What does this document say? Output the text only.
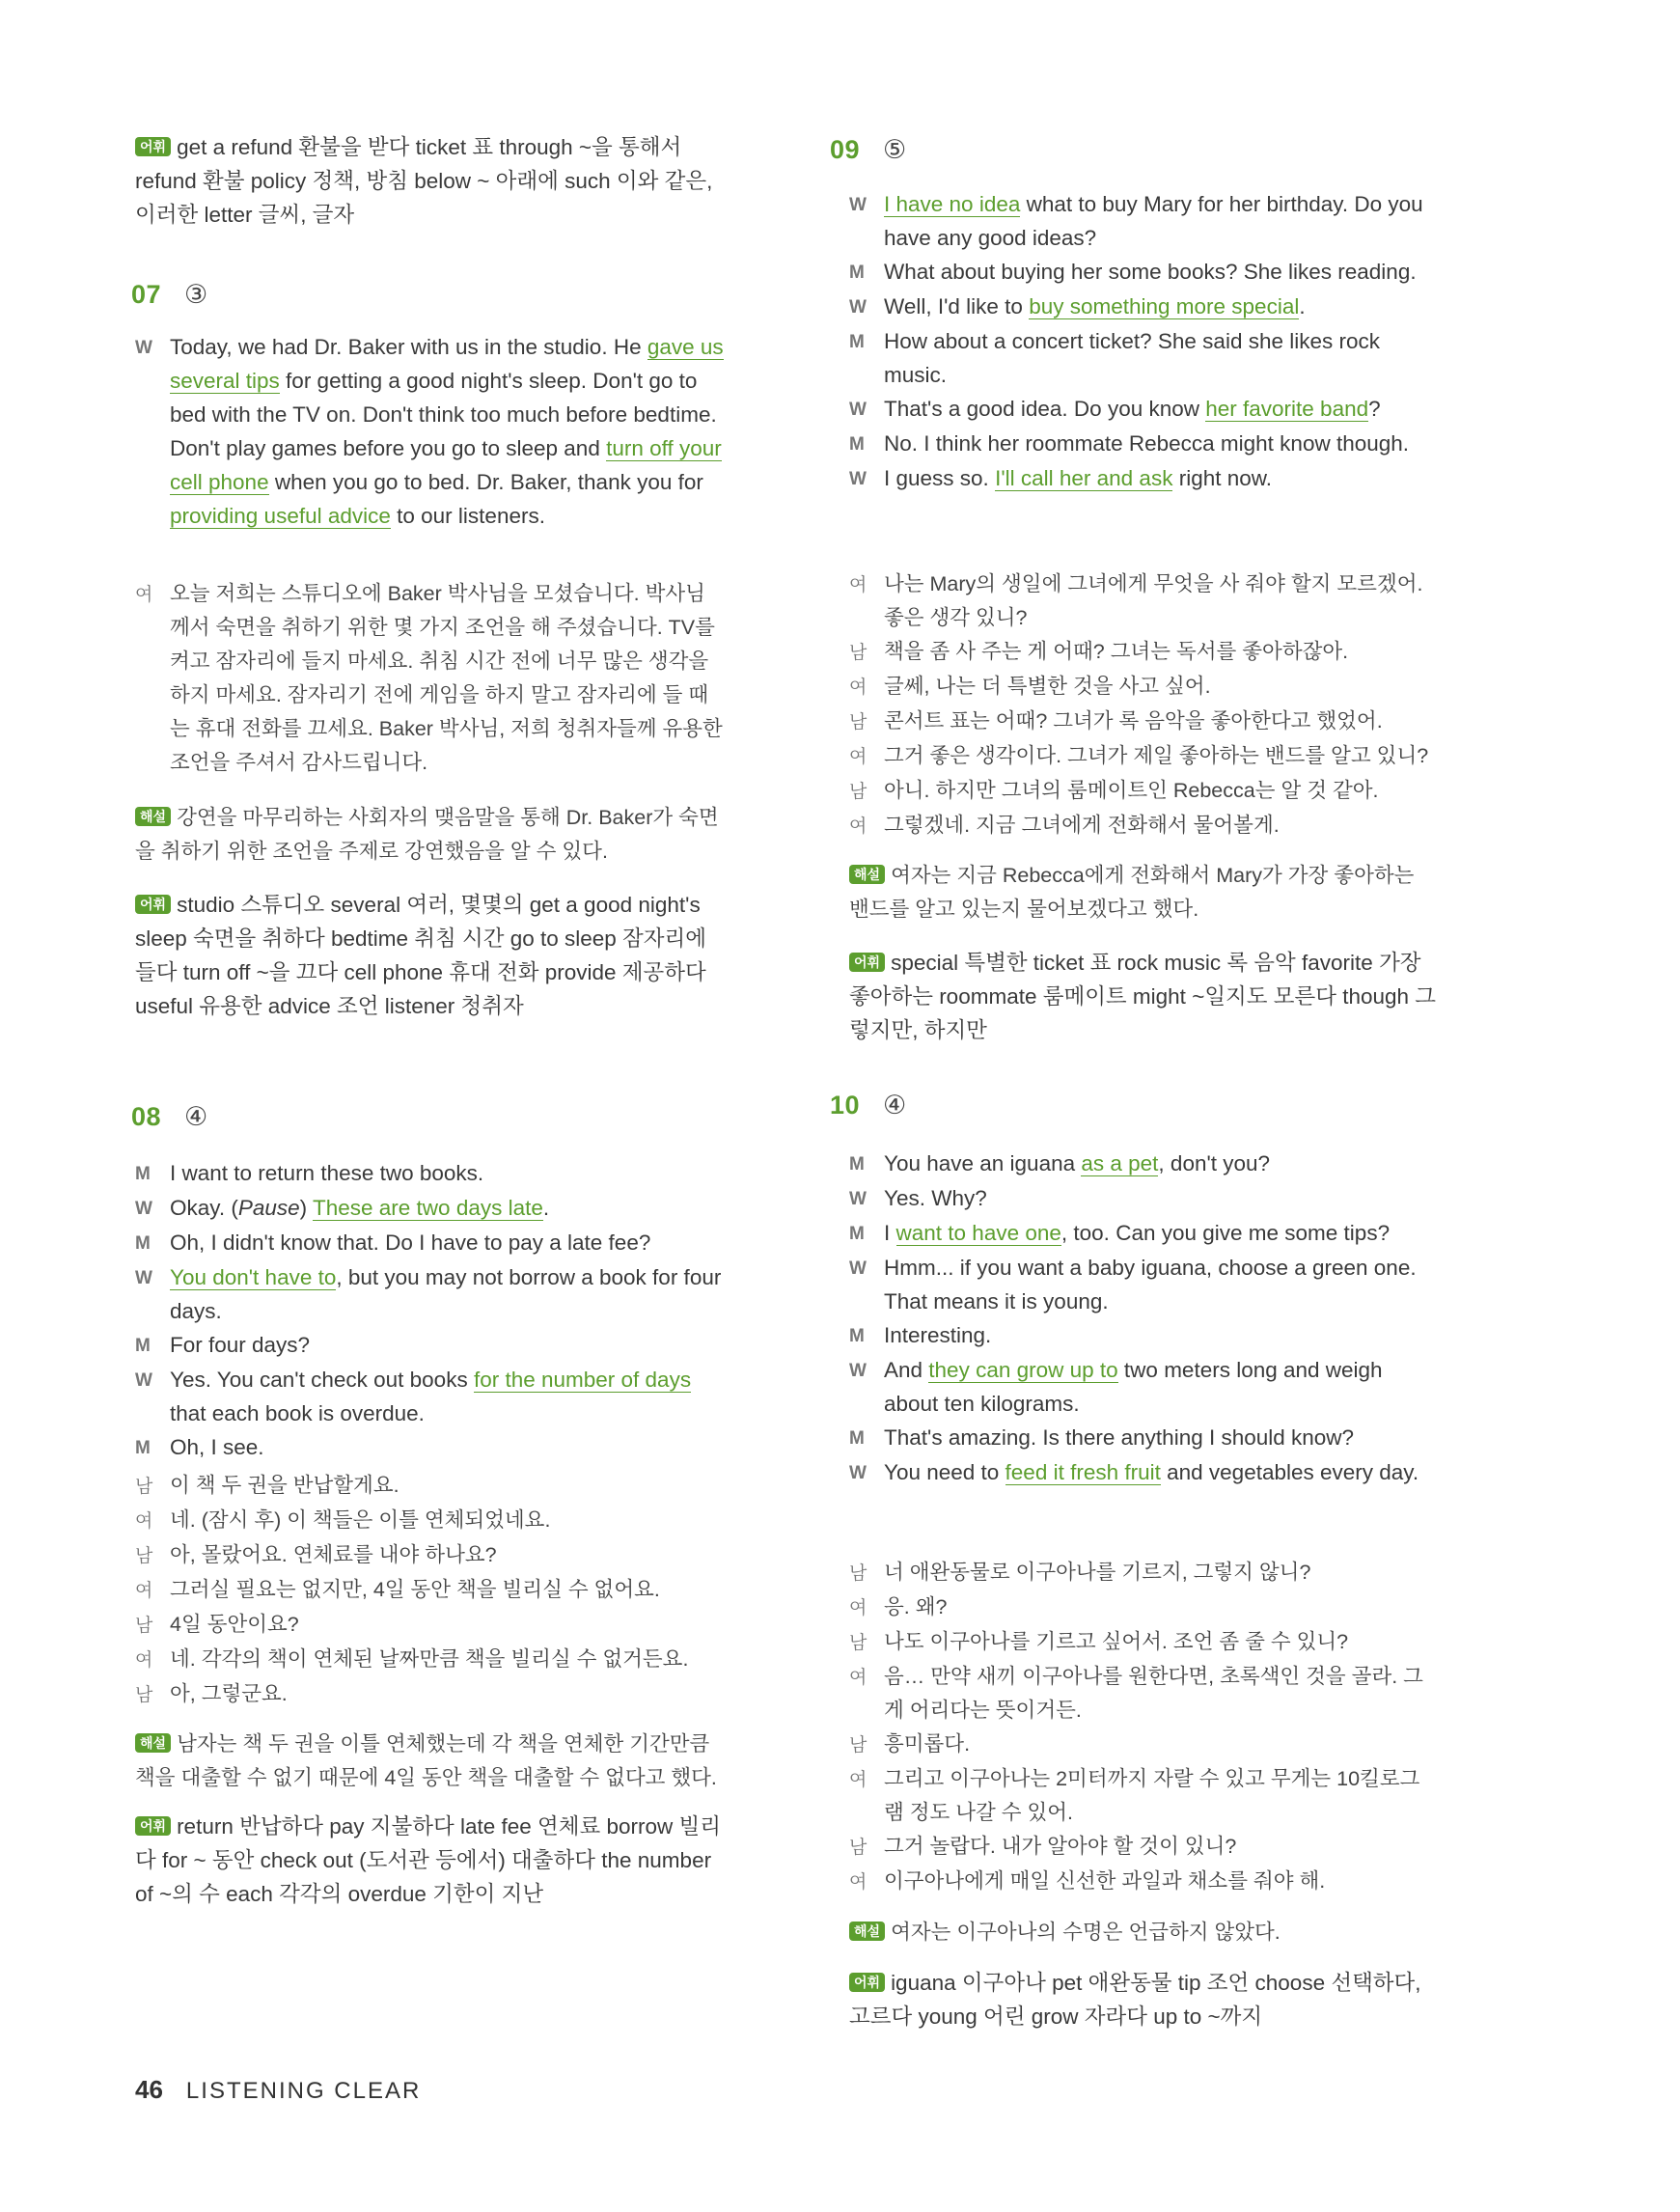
어휘 get a refund 환불을 받다 ticket 표 through ~을 통해서 refund 환불 policy 정책, 방침 below ~ 아래에 such 이와 같은, 이러한 letter 글씨, 글자
07 ③
W Today, we had Dr. Baker with us in the studio. He gave us several tips for getting a good night's sleep. Don't go to bed with the TV on. Don't think too much before bedtime. Don't play games before you go to sleep and turn off your cell phone when you go to bed. Dr. Baker, thank you for providing useful advice to our listeners.
여 오늘 저희는 스튜디오에 Baker 박사님을 모셨습니다. 박사님께서 숙면을 취하기 위한 몇 가지 조언을 해 주셨습니다. TV를 켜고 잠자리에 들지 마세요. 취침 시간 전에 너무 많은 생각을 하지 마세요. 잠자리기 전에 게임을 하지 말고 잠자리에 들 때는 휴대 전화를 끄세요. Baker 박사님, 저희 청취자들께 유용한 조언을 주셔서 감사드립니다.
해설 강연을 마무리하는 사회자의 맺음말을 통해 Dr. Baker가 숙면을 취하기 위한 조언을 주제로 강연했음을 알 수 있다.
어휘 studio 스튜디오 several 여러, 몇몇의 get a good night's sleep 숙면을 취하다 bedtime 취침 시간 go to sleep 잠자리에 들다 turn off ~을 끄다 cell phone 휴대 전화 provide 제공하다 useful 유용한 advice 조언 listener 청취자
08 ④
M I want to return these two books.
W Okay. (Pause) These are two days late.
M Oh, I didn't know that. Do I have to pay a late fee?
W You don't have to, but you may not borrow a book for four days.
M For four days?
W Yes. You can't check out books for the number of days that each book is overdue.
M Oh, I see.
남 이 책 두 권을 반납할게요.
여 네. (잠시 후) 이 책들은 이틀 연체되었네요.
남 아, 몰랐어요. 연체료를 내야 하나요?
여 그러실 필요는 없지만, 4일 동안 책을 빌리실 수 없어요.
남 4일 동안이요?
여 네. 각각의 책이 연체된 날짜만큼 책을 빌리실 수 없거든요.
남 아, 그렇군요.
해설 남자는 책 두 권을 이틀 연체했는데 각 책을 연체한 기간만큼 책을 대출할 수 없기 때문에 4일 동안 책을 대출할 수 없다고 했다.
어휘 return 반납하다 pay 지불하다 late fee 연체료 borrow 빌리다 for ~ 동안 check out (도서관 등에서) 대출하다 the number of ~의 수 each 각각의 overdue 기한이 지난
09 ⑤
W I have no idea what to buy Mary for her birthday. Do you have any good ideas?
M What about buying her some books? She likes reading.
W Well, I'd like to buy something more special.
M How about a concert ticket? She said she likes rock music.
W That's a good idea. Do you know her favorite band?
M No. I think her roommate Rebecca might know though.
W I guess so. I'll call her and ask right now.
여 나는 Mary의 생일에 그녀에게 무엇을 사 줘야 할지 모르겠어. 좋은 생각 있니?
남 책을 좀 사 주는 게 어때? 그녀는 독서를 좋아하잖아.
여 글쎄, 나는 더 특별한 것을 사고 싶어.
남 콘서트 표는 어때? 그녀가 록 음악을 좋아한다고 했었어.
여 그거 좋은 생각이다. 그녀가 제일 좋아하는 밴드를 알고 있니?
남 아니. 하지만 그녀의 룸메이트인 Rebecca는 알 것 같아.
여 그렇겠네. 지금 그녀에게 전화해서 물어볼게.
해설 여자는 지금 Rebecca에게 전화해서 Mary가 가장 좋아하는 밴드를 알고 있는지 물어보겠다고 했다.
어휘 special 특별한 ticket 표 rock music 록 음악 favorite 가장 좋아하는 roommate 룸메이트 might ~일지도 모른다 though 그렇지만, 하지만
10 ④
M You have an iguana as a pet, don't you?
W Yes. Why?
M I want to have one, too. Can you give me some tips?
W Hmm... if you want a baby iguana, choose a green one. That means it is young.
M Interesting.
W And they can grow up to two meters long and weigh about ten kilograms.
M That's amazing. Is there anything I should know?
W You need to feed it fresh fruit and vegetables every day.
남 너 애완동물로 이구아나를 기르지, 그렇지 않니?
여 응. 왜?
남 나도 이구아나를 기르고 싶어서. 조언 좀 줄 수 있니?
여 음… 만약 새끼 이구아나를 원한다면, 초록색인 것을 골라. 그게 어리다는 뜻이거든.
남 흥미롭다.
여 그리고 이구아나는 2미터까지 자랄 수 있고 무게는 10킬로그램 정도 나갈 수 있어.
남 그거 놀랍다. 내가 알아야 할 것이 있니?
여 이구아나에게 매일 신선한 과일과 채소를 줘야 해.
해설 여자는 이구아나의 수명은 언급하지 않았다.
어휘 iguana 이구아나 pet 애완동물 tip 조언 choose 선택하다, 고르다 young 어린 grow 자라다 up to ~까지
46 LISTENING CLEAR
